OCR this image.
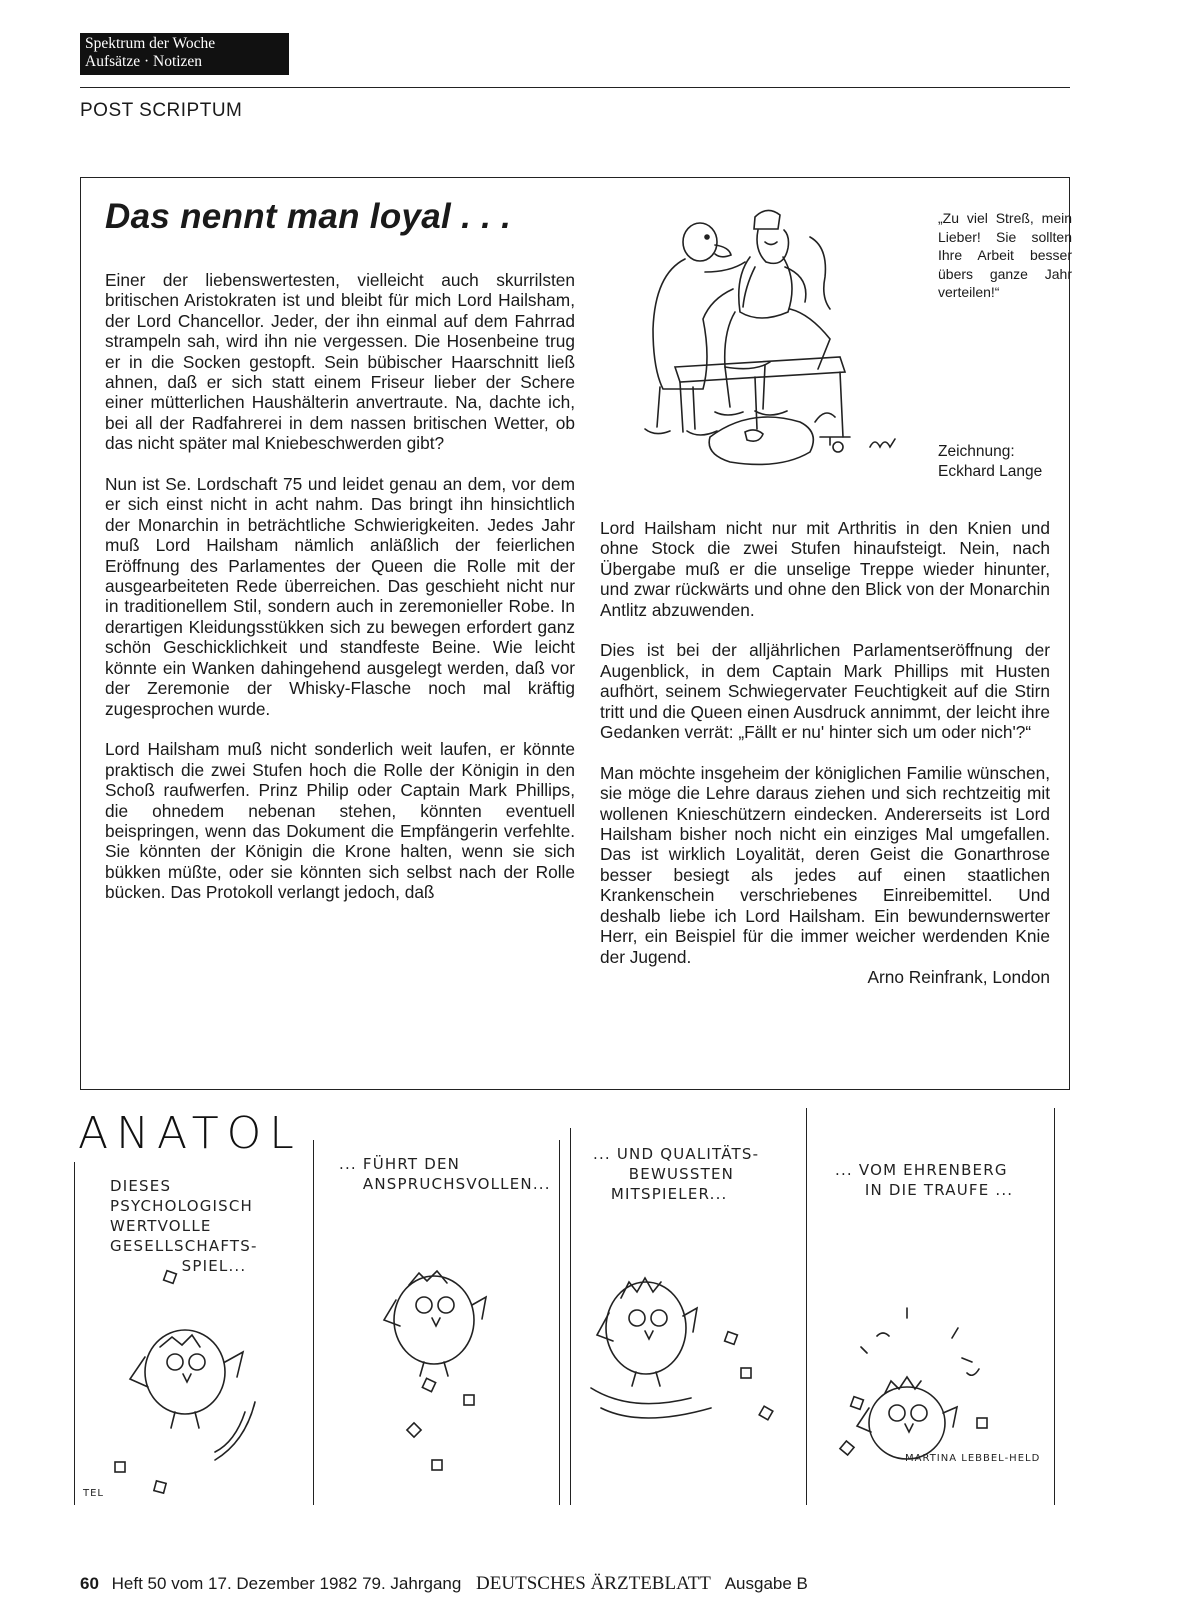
Spektrum der Woche
Aufsätze · Notizen
POST SCRIPTUM
Das nennt man loyal . . .

Einer der liebenswertesten, vielleicht auch skurrilsten britischen Aristokraten ist und bleibt für mich Lord Hailsham, der Lord Chancellor. Jeder, der ihn einmal auf dem Fahrrad strampeln sah, wird ihn nie vergessen. Die Hosenbeine trug er in die Socken gestopft. Sein bübischer Haarschnitt ließ ahnen, daß er sich statt einem Friseur lieber der Schere einer mütterlichen Haushälterin anvertraute. Na, dachte ich, bei all der Radfahrerei in dem nassen britischen Wetter, ob das nicht später mal Kniebeschwerden gibt?

Nun ist Se. Lordschaft 75 und leidet genau an dem, vor dem er sich einst nicht in acht nahm. Das bringt ihn hinsichtlich der Monarchin in beträchtliche Schwierigkeiten. Jedes Jahr muß Lord Hailsham nämlich anläßlich der feierlichen Eröffnung des Parlamentes der Queen die Rolle mit der ausgearbeiteten Rede überreichen. Das geschieht nicht nur in traditionellem Stil, sondern auch in zeremonieller Robe. In derartigen Kleidungsstükken sich zu bewegen erfordert ganz schön Geschicklichkeit und standfeste Beine. Wie leicht könnte ein Wanken dahingehend ausgelegt werden, daß vor der Zeremonie der Whisky-Flasche noch mal kräftig zugesprochen wurde.

Lord Hailsham muß nicht sonderlich weit laufen, er könnte praktisch die zwei Stufen hoch die Rolle der Königin in den Schoß raufwerfen. Prinz Philip oder Captain Mark Phillips, die ohnedem nebenan stehen, könnten eventuell beispringen, wenn das Dokument die Empfängerin verfehlte. Sie könnten der Königin die Krone halten, wenn sie sich bükken müßte, oder sie könnten sich selbst nach der Rolle bücken. Das Protokoll verlangt jedoch, daß

Lord Hailsham nicht nur mit Arthritis in den Knien und ohne Stock die zwei Stufen hinaufsteigt. Nein, nach Übergabe muß er die unselige Treppe wieder hinunter, und zwar rückwärts und ohne den Blick von der Monarchin Antlitz abzuwenden.

Dies ist bei der alljährlichen Parlamentseröffnung der Augenblick, in dem Captain Mark Phillips mit Husten aufhört, seinem Schwiegervater Feuchtigkeit auf die Stirn tritt und die Queen einen Ausdruck annimmt, der leicht ihre Gedanken verrät: „Fällt er nu' hinter sich um oder nich'?“

Man möchte insgeheim der königlichen Familie wünschen, sie möge die Lehre daraus ziehen und sich rechtzeitig mit wollenen Knieschützern eindecken. Andererseits ist Lord Hailsham bisher noch nicht ein einziges Mal umgefallen. Das ist wirklich Loyalität, deren Geist die Gonarthrose besser besiegt als jedes auf einen staatlichen Krankenschein verschriebenes Einreibemittel. Und deshalb liebe ich Lord Hailsham. Ein bewundernswerter Herr, ein Beispiel für die immer weicher werdenden Knie der Jugend.

Arno Reinfrank, London

„Zu viel Streß, mein Lieber! Sie sollten Ihre Arbeit besser übers ganze Jahr verteilen!“
Zeichnung:
Eckhard Lange
ANATOL
DIESES
PSYCHOLOGISCH
WERTVOLLE
GESELLSCHAFTS-
SPIEL...
TEL
... FÜHRT DEN
ANSPRUCHSVOLLEN...
... UND QUALITÄTS-
BEWUSSTEN
MITSPIELER...
... VOM EHRENBERG
IN DIE TRAUFE ...
MARTINA LEBBEL-HELD
60 Heft 50 vom 17. Dezember 1982 79. Jahrgang DEUTSCHES ÄRZTEBLATT Ausgabe B
